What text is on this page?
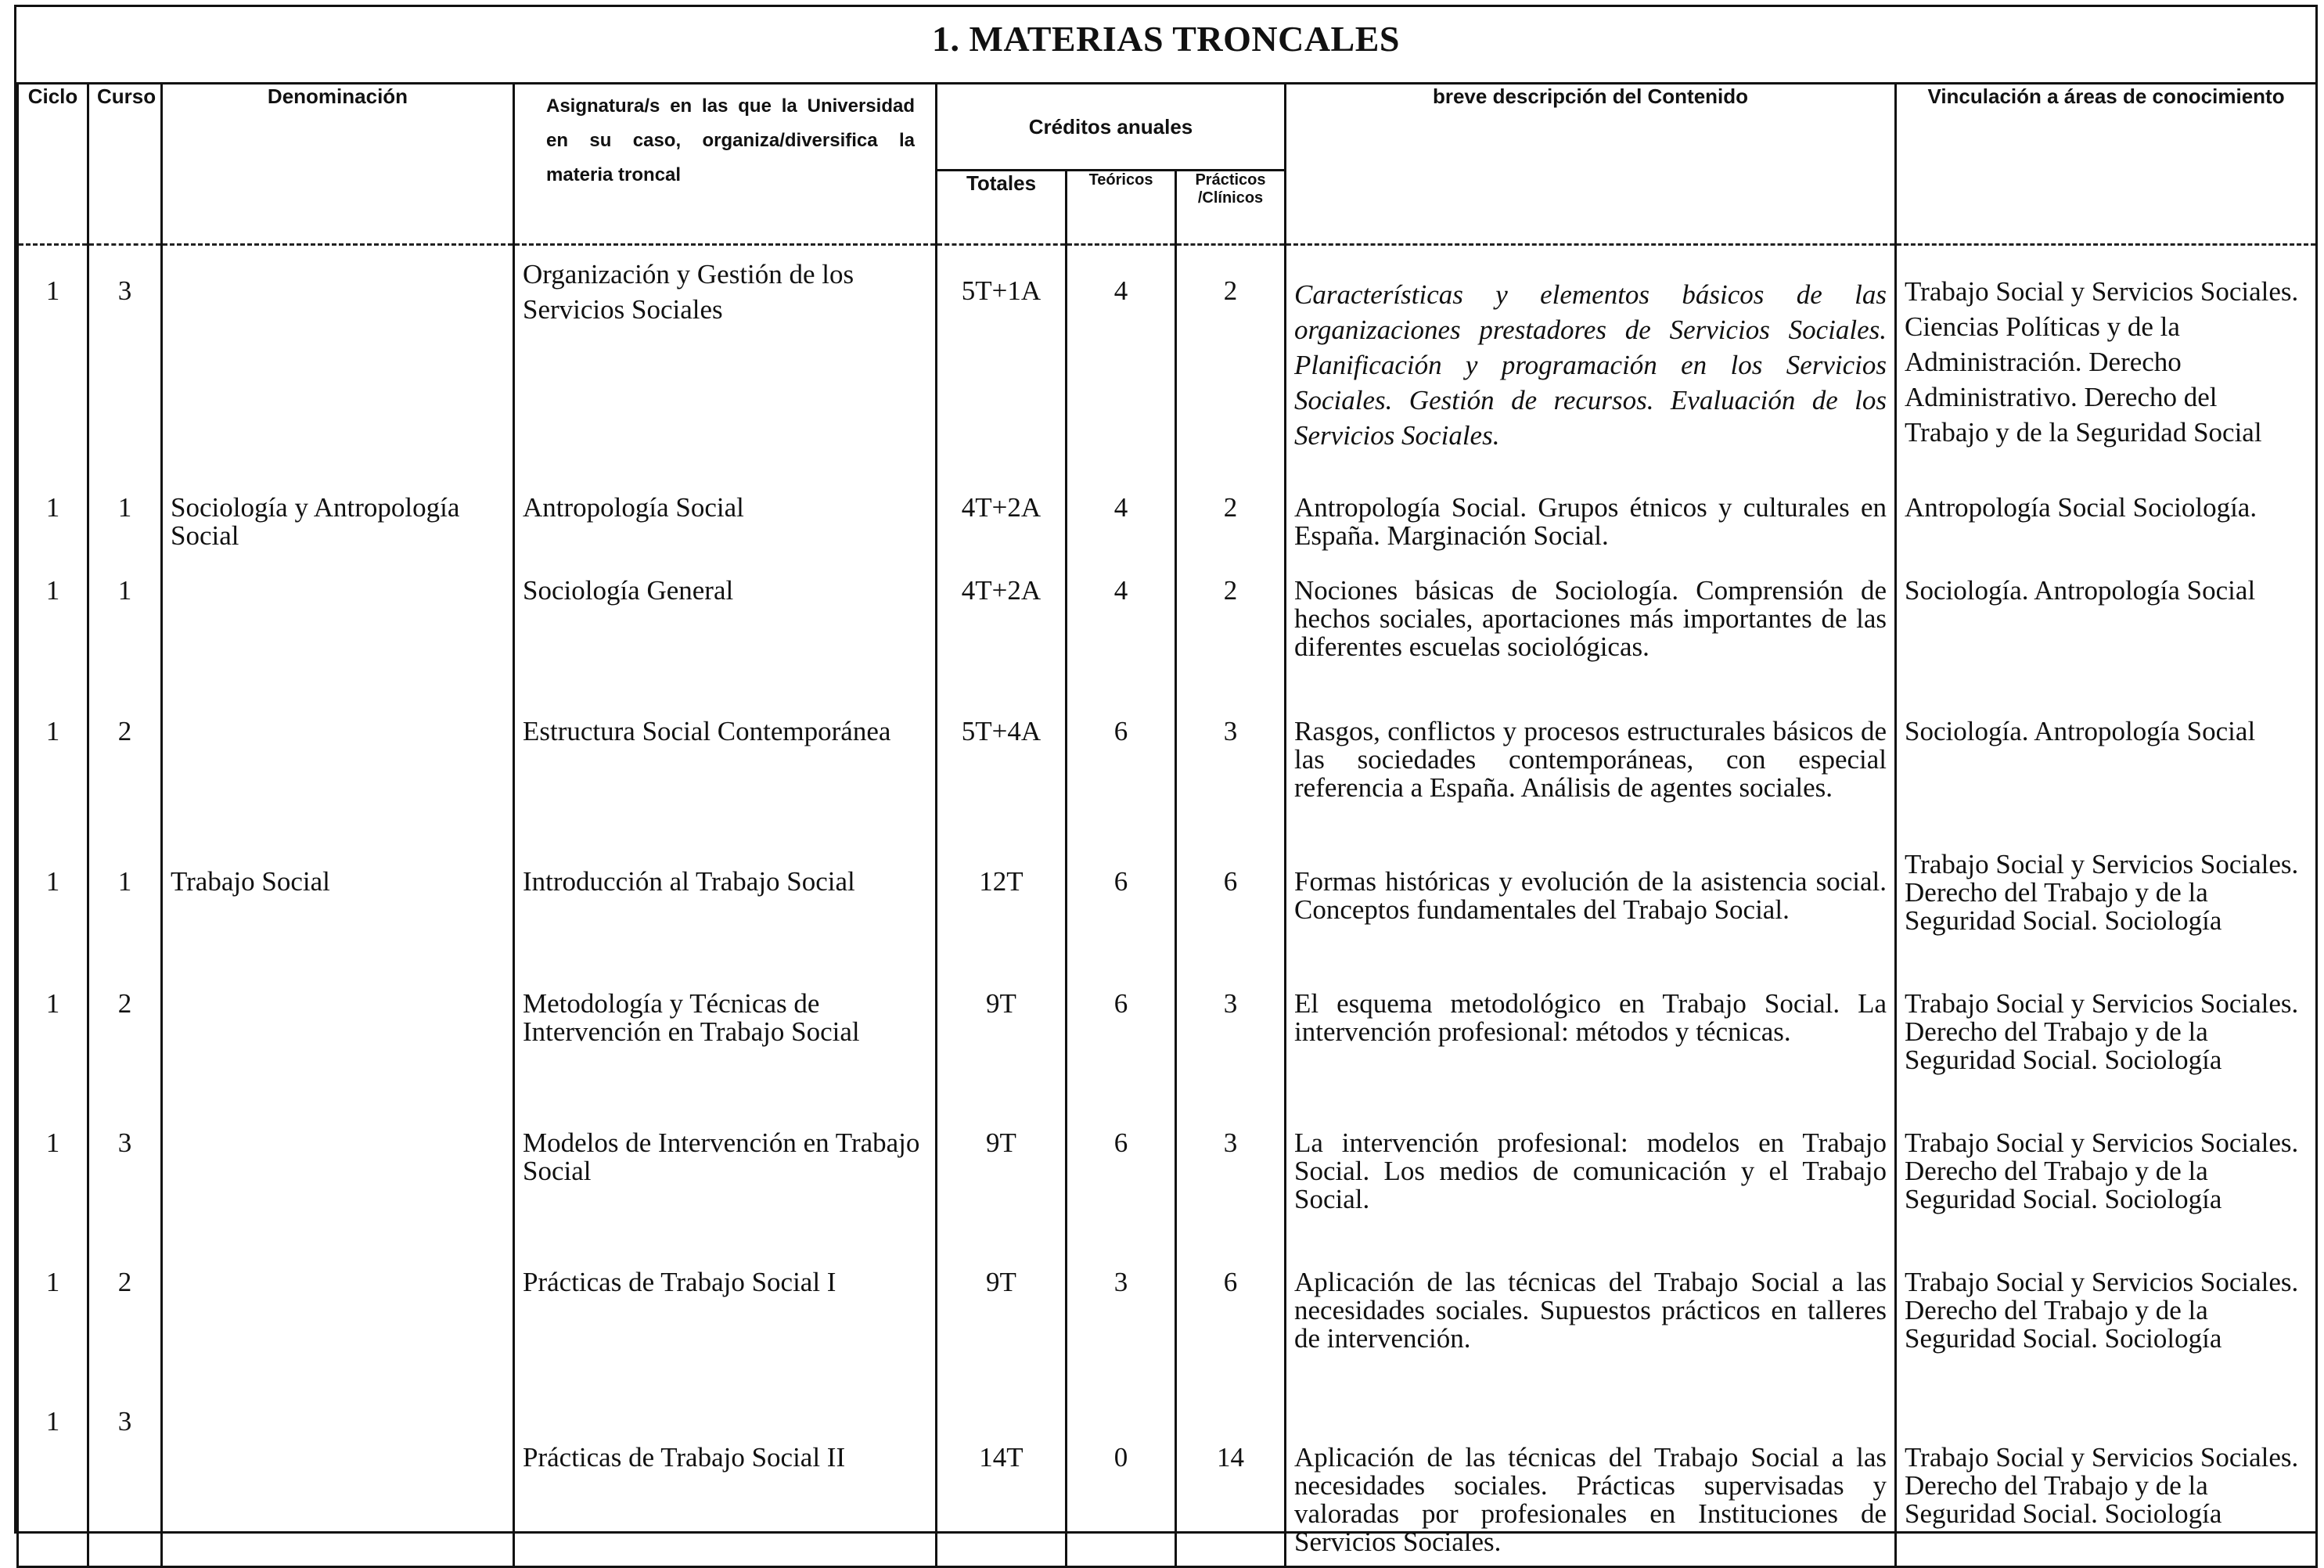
1. MATERIAS TRONCALES
Ciclo	Curso	Denominación	Asignatura/s en las que la Universidad en su caso, organiza/diversifica la materia troncal	Créditos anuales			breve descripción del Contenido	Vinculación a áreas de conocimiento
				Totales	Teóricos	Prácticos
/Clínicos		

1	3		Organización y Gestión de los Servicios Sociales	5T+1A	4	2	Características y elementos básicos de las organizaciones prestadores de Servicios Sociales. Planificación y programación en los Servicios Sociales. Gestión de recursos. Evaluación de los Servicios Sociales.	Trabajo Social y Servicios Sociales. Ciencias Políticas y de la Administración. Derecho Administrativo. Derecho del Trabajo y de la Seguridad Social
1	1	Sociología y Antropología Social	Antropología Social	4T+2A	4	2	Antropología Social. Grupos étnicos y culturales en España. Marginación Social.	Antropología Social Sociología.
1	1		Sociología General	4T+2A	4	2	Nociones básicas de Sociología. Comprensión de hechos sociales, aportaciones más importantes de las diferentes escuelas sociológicas.	Sociología. Antropología Social
1	2		Estructura Social Contemporánea	5T+4A	6	3	Rasgos, conflictos y procesos estructurales básicos de las sociedades contemporáneas, con especial referencia a España. Análisis de agentes sociales.	Sociología. Antropología Social
1	1	Trabajo Social	Introducción al Trabajo Social	12T	6	6	Formas históricas y evolución de la asistencia social. Conceptos fundamentales del Trabajo Social.	Trabajo Social y Servicios Sociales. Derecho del Trabajo y de la Seguridad Social. Sociología
1	2		Metodología y Técnicas de Intervención en Trabajo Social	9T	6	3	El esquema metodológico en Trabajo Social. La intervención profesional: métodos y técnicas.	Trabajo Social y Servicios Sociales. Derecho del Trabajo y de la Seguridad Social. Sociología
1	3		Modelos de Intervención en Trabajo Social	9T	6	3	La intervención profesional: modelos en Trabajo Social. Los medios de comunicación y el Trabajo Social.	Trabajo Social y Servicios Sociales. Derecho del Trabajo y de la Seguridad Social. Sociología
1	2		Prácticas de Trabajo Social I	9T	3	6	Aplicación de las técnicas del Trabajo Social a las necesidades sociales. Supuestos prácticos en talleres de intervención.	Trabajo Social y Servicios Sociales. Derecho del Trabajo y de la Seguridad Social. Sociología
1	3		Prácticas de Trabajo Social II	14T	0	14	Aplicación de las técnicas del Trabajo Social a las necesidades sociales. Prácticas supervisadas y valoradas por profesionales en Instituciones de Servicios Sociales.	Trabajo Social y Servicios Sociales. Derecho del Trabajo y de la Seguridad Social. Sociología
